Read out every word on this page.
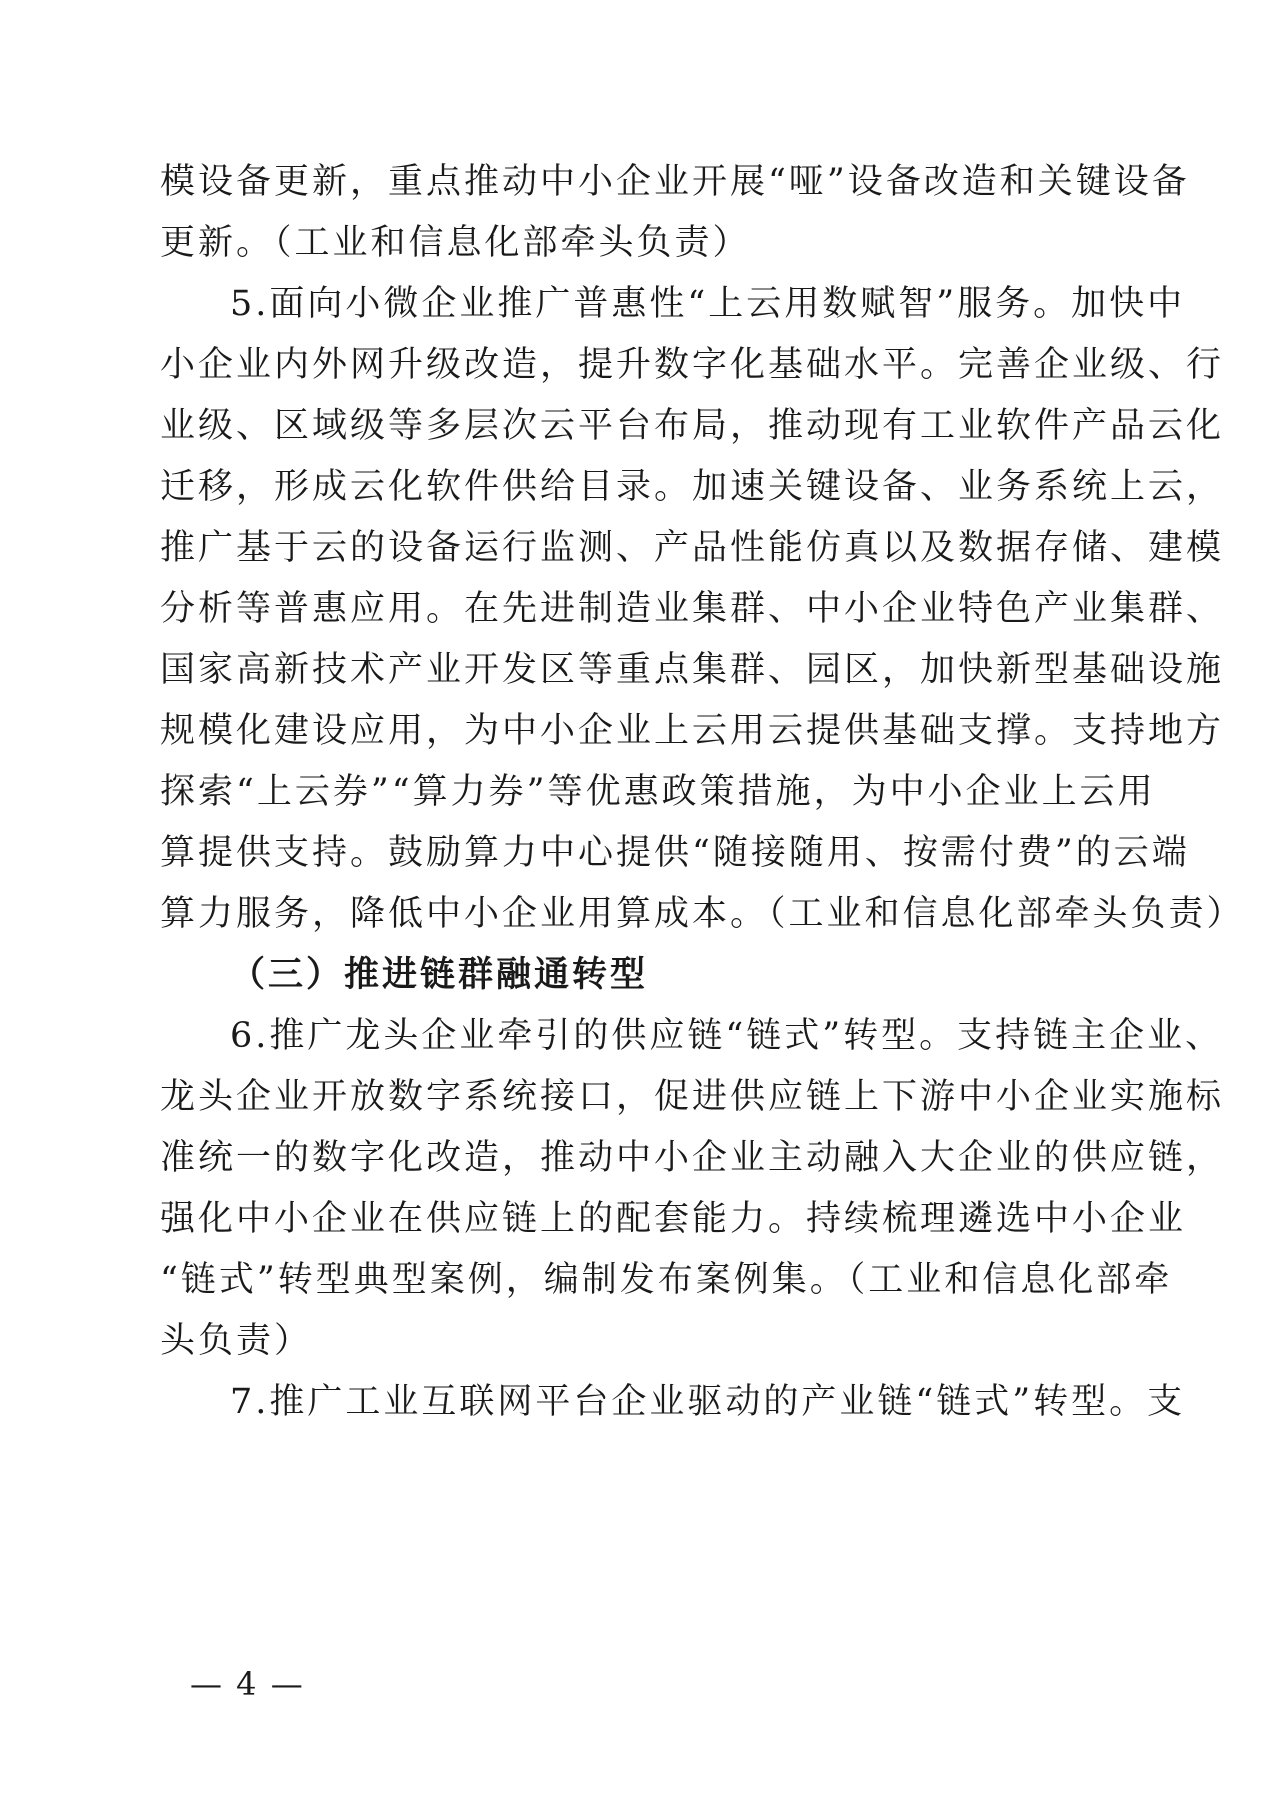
模设备更新，重点推动中小企业开展“哑”设备改造和关键设备
更新。（工业和信息化部牵头负责）
5.面向小微企业推广普惠性“上云用数赋智”服务。加快中
小企业内外网升级改造，提升数字化基础水平。完善企业级、行
业级、区域级等多层次云平台布局，推动现有工业软件产品云化
迁移，形成云化软件供给目录。加速关键设备、业务系统上云，
推广基于云的设备运行监测、产品性能仿真以及数据存储、建模
分析等普惠应用。在先进制造业集群、中小企业特色产业集群、
国家高新技术产业开发区等重点集群、园区，加快新型基础设施
规模化建设应用，为中小企业上云用云提供基础支撑。支持地方
探索“上云券”“算力券”等优惠政策措施，为中小企业上云用
算提供支持。鼓励算力中心提供“随接随用、按需付费”的云端
算力服务，降低中小企业用算成本。（工业和信息化部牵头负责）
（三）推进链群融通转型
6.推广龙头企业牵引的供应链“链式”转型。支持链主企业、
龙头企业开放数字系统接口，促进供应链上下游中小企业实施标
准统一的数字化改造，推动中小企业主动融入大企业的供应链，
强化中小企业在供应链上的配套能力。持续梳理遴选中小企业
“链式”转型典型案例，编制发布案例集。（工业和信息化部牵
头负责）
7.推广工业互联网平台企业驱动的产业链“链式”转型。支
— 4 —
